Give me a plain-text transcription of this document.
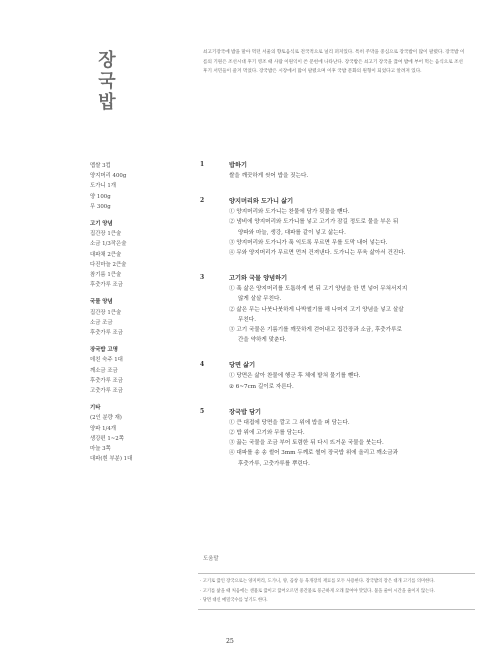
장국밥	쇠고기장국에 밥을 말아 먹던 서울의 향토음식로 전국적으로 널리 퍼져있다. 특히 주막을 중심으로 장국밥이 많이 팔렸다. 장국밥 이름의 기원은 조선시대 후기 영조 때 사람 이원익이 쓴 문헌에 나타난다. 장국밥은 쇠고기 장국을 끓여 밥에 부어 먹는 음식으로 조선 후기 서민들이 즐겨 먹었다. 장국밥은 시장에서 많이 팔렸으며 이후 국밥 문화의 원형이 되었다고 알려져 있다.
멥쌀 3컵
양지머리 400g
도가니 1개
양 100g
무 300g
고기 양념
집간장 1큰술
소금 1/3작은술
대파채 2큰술
다진마늘 2큰술
참기름 1큰술
후춧가루 조금
국물 양념
집간장 1큰술
소금 조금
후춧가루 조금
장국밥 고명
데친 숙주 1대
깨소금 조금
후춧가루 조금
고춧가루 조금
기타
(2인 분량 재)
양파 1/4개
생강편 1~2쪽
마늘 3쪽
대파(흰 부분) 1대
1	밥하기
쌀을 깨끗하게 씻어 밥을 짓는다.
2	양지머리와 도가니 삶기
① 양지머리와 도가니는 찬물에 담가 핏물을 뺀다.
② 냄비에 양지머리와 도가니를 넣고 고기가 잠길 정도로 물을 부은 뒤
양파와 마늘, 생강, 대파를 같이 넣고 삶는다.
③ 양지머리와 도가니가 푹 익도록 무르면 무를 도막 내어 넣는다.
④ 무와 양지머리가 무르면 먼저 건져낸다. 도가니는 푸욱 삶아서 건진다.
3	고기와 국물 양념하기
① 푹 삶은 양지머리를 도톰하게 썬 뒤 고기 양념을 한 번 넣어 무쳐서지지
않게 살살 무친다.
② 삶은 무는 나붓나붓하게 나박썰기를 해 나머지 고기 양념을 넣고 살살
무친다.
③ 고기 국물은 기름기를 깨끗하게 걷어내고 집간장과 소금, 후춧가루로
간을 약하게 맞춘다.
4	당면 삶기
① 당면은 삶아 찬물에 헹군 후 체에 밭쳐 물기를 뺀다.
② 6~7cm 길이로 자른다.
5	장국밥 담기
① 큰 대접에 당면을 깔고 그 위에 밥을 퍼 담는다.
② 밥 위에 고기와 무를 담는다.
③ 끓는 국물을 조금 부어 토렴한 뒤 다시 뜨거운 국물을 붓는다.
④ 대파를 송 송 썰어 3mm 두께로 썰어 장국밥 위에 올리고 깨소금과
후춧가루, 고춧가루를 뿌린다.
도움말
· 고기로 끓인 장국으로는 양지머리, 도가니, 양, 곱창 등 육개장의 재료를 모두 사용한다. 장국밥의 장은 대개 고기를 의미한다.
· 고기를 삶을 때 처음에는 센불로 끓이고 끓어오르면 중간불로 뭉근하게 오래 끓여야 맛있다. 불을 줄여 시간을 줄이지 않는다.
· 당면 대신 메밀국수를 넣기도 한다.
25
